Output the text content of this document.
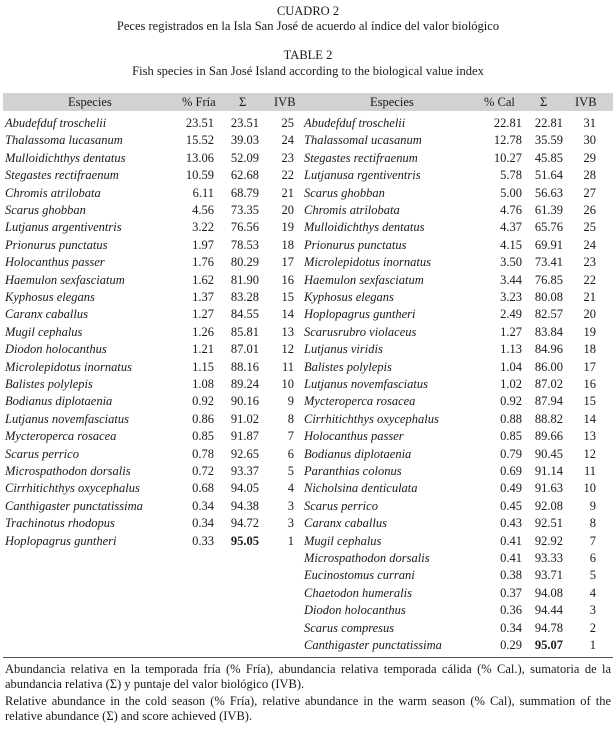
CUADRO 2
Peces registrados en la Isla San José de acuerdo al índice del valor biológico
TABLE 2
Fish species in San José Island according to the biological value index
Especies	% Fría Σ IVB	Especies	% Cal Σ IVB
Abudefduf troschelii	23.51 23.51 25 Abudefduf troschelii	22.81 22.81 31
Thalassoma lucasanum	15.52 39.03 24 Thalassomal ucasanum	12.78 35.59 30
Mulloidichthys dentatus	13.06 52.09 23 Stegastes rectifraenum	10.27 45.85 29
Stegastes rectifraenum	10.59 62.68 22 Lutjanusa rgentiventris	5.78 51.64 28
Chromis atrilobata	6.11 68.79 21 Scarus ghobban	5.00 56.63 27
Scarus ghobban	4.56 73.35 20 Chromis atrilobata	4.76 61.39 26
Lutjanus argentiventris	3.22 76.56 19 Mulloidichthys dentatus	4.37 65.76 25
Prionurus punctatus	1.97 78.53 18 Prionurus punctatus	4.15 69.91 24
Holocanthus passer	1.76 80.29 17 Microlepidotus inornatus	3.50 73.41 23
Haemulon sexfasciatum	1.62 81.90 16 Haemulon sexfasciatum	3.44 76.85 22
Kyphosus elegans	1.37 83.28 15 Kyphosus elegans	3.23 80.08 21
Caranx caballus	1.27 84.55 14 Hoplopagrus guntheri	2.49 82.57 20
Mugil cephalus	1.26 85.81 13 Scarusrubro violaceus	1.27 83.84 19
Diodon holocanthus	1.21 87.01 12 Lutjanus viridis	1.13 84.96 18
Microlepidotus inornatus	1.15 88.16 11 Balistes polylepis	1.04 86.00 17
Balistes polylepis	1.08 89.24 10 Lutjanus novemfasciatus	1.02 87.02 16
Bodianus diplotaenia	0.92 90.16 9 Mycteroperca rosacea	0.92 87.94 15
Lutjanus novemfasciatus	0.86 91.02 8 Cirrhitichthys oxycephalus	0.88 88.82 14
Mycteroperca rosacea	0.85 91.87 7 Holocanthus passer	0.85 89.66 13
Scarus perrico	0.78 92.65 6 Bodianus diplotaenia	0.79 90.45 12
Microspathodon dorsalis	0.72 93.37 5 Paranthias colonus	0.69 91.14 11
Cirrhitichthys oxycephalus	0.68 94.05 4 Nicholsina denticulata	0.49 91.63 10
Canthigaster punctatissima	0.34 94.38 3 Scarus perrico	0.45 92.08 9
Trachinotus rhodopus	0.34 94.72 3 Caranx caballus	0.43 92.51 8
Hoplopagrus guntheri	0.33 95.05 1 Mugil cephalus	0.41 92.92 7
Microspathodon dorsalis	0.41 93.33 6
Eucinostomus currani	0.38 93.71 5
Chaetodon humeralis	0.37 94.08 4
Diodon holocanthus	0.36 94.44 3
Scarus compresus	0.34 94.78 2
Canthigaster punctatissima	0.29 95.07 1
Abundancia relativa en la temporada fría (% Fría), abundancia relativa temporada cálida (% Cal.), sumatoria de la abundancia relativa (Σ) y puntaje del valor biológico (IVB).
Relative abundance in the cold season (% Fría), relative abundance in the warm season (% Cal), summation of the relative abundance (Σ) and score achieved (IVB).
